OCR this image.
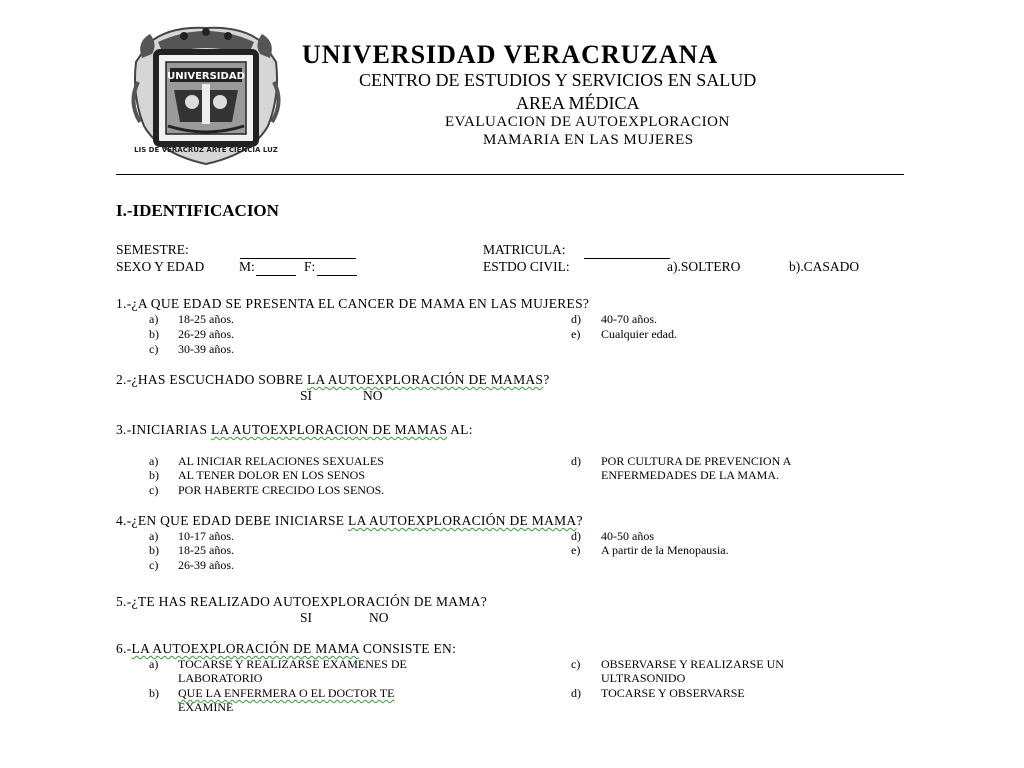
UNIVERSIDAD
LIS DE VERACRUZ ARTE CIENCIA LUZ
UNIVERSIDAD VERACRUZANA
CENTRO DE ESTUDIOS Y SERVICIOS EN SALUD
AREA MÉDICA
EVALUACION DE AUTOEXPLORACION
MAMARIA EN LAS MUJERES
I.-IDENTIFICACION
SEMESTRE:	MATRICULA:
SEXO Y EDAD	M:	F:	ESTDO CIVIL:	a).SOLTERO	b).CASADO
1.-¿A QUE EDAD SE PRESENTA EL CANCER DE MAMA EN LAS MUJERES?
a) 18-25 años.
b) 26-29 años.
c) 30-39 años.
d) 40-70 años.
e) Cualquier edad.
2.-¿HAS ESCUCHADO SOBRE LA AUTOEXPLORACIÓN DE MAMAS?
SI	NO
3.-INICIARIAS LA AUTOEXPLORACION DE MAMAS AL:
a) AL INICIAR RELACIONES SEXUALES
b) AL TENER DOLOR EN LOS SENOS
c) POR HABERTE CRECIDO LOS SENOS.
d) POR CULTURA DE PREVENCION A
ENFERMEDADES DE LA MAMA.
4.-¿EN QUE EDAD DEBE INICIARSE LA AUTOEXPLORACIÓN DE MAMA?
a) 10-17 años.
b) 18-25 años.
c) 26-39 años.
d) 40-50 años
e) A partir de la Menopausia.
5.-¿TE HAS REALIZADO AUTOEXPLORACIÓN DE MAMA?
SI	NO
6.-LA AUTOEXPLORACIÓN DE MAMA CONSISTE EN:
a) TOCARSE Y REALIZARSE EXAMENES DE
LABORATORIO
b) QUE LA ENFERMERA O EL DOCTOR TE
EXAMINE
c) OBSERVARSE Y REALIZARSE UN
ULTRASONIDO
d) TOCARSE Y OBSERVARSE
